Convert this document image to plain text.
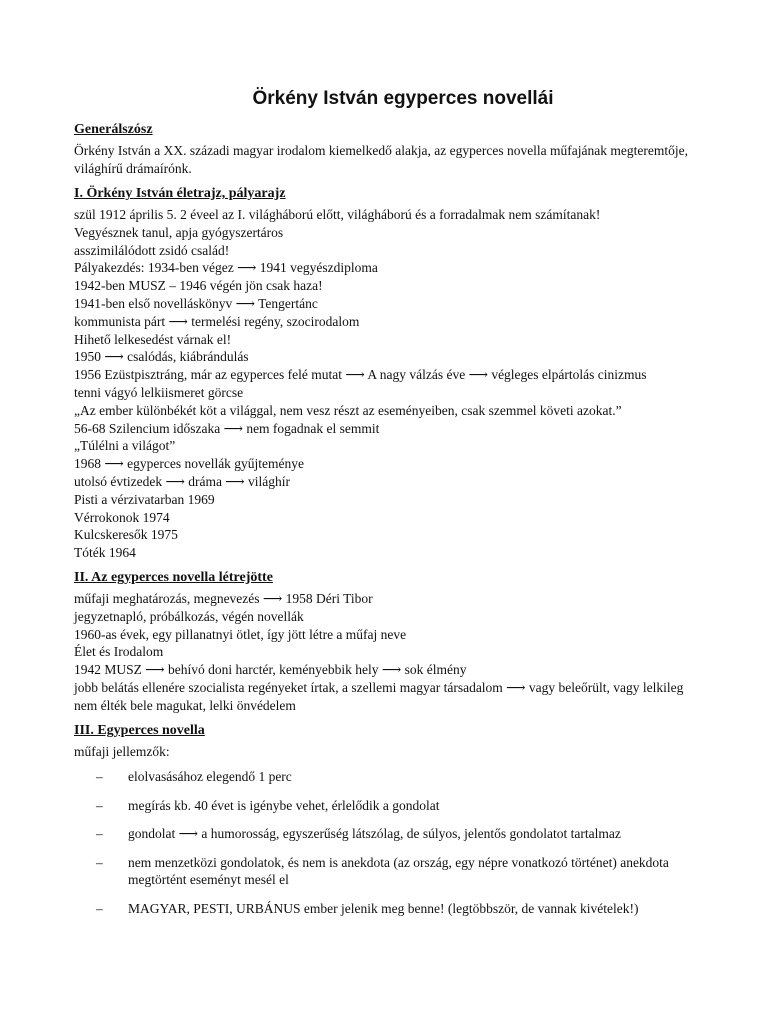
Örkény István egyperces novellái
Generálszósz

Örkény István a XX. századi magyar irodalom kiemelkedő alakja, az egyperces novella műfajának megteremtője, világhírű drámaírónk.

I. Örkény István életrajz, pályarajz
szül 1912 április 5. 2 éveel az I. világháború előtt, világháború és a forradalmak nem számítanak!
Vegyésznek tanul, apja gyógyszertáros
asszimilálódott zsidó család!
Pályakezdés: 1934-ben végez ⟶ 1941 vegyészdiploma
1942-ben MUSZ – 1946 végén jön csak haza!
1941-ben első novelláskönyv ⟶ Tengertánc
kommunista párt ⟶ termelési regény, szocirodalom
Hihető lelkesedést várnak el!
1950 ⟶ csalódás, kiábrándulás
1956 Ezüstpisztráng, már az egyperces felé mutat ⟶ A nagy válzás éve ⟶ végleges elpártolás cinizmus
tenni vágyó lelkiismeret görcse
„Az ember különbékét köt a világgal, nem vesz részt az eseményeiben, csak szemmel követi azokat.”
56-68 Szilencium időszaka ⟶ nem fogadnak el semmit
„Túlélni a világot”
1968 ⟶ egyperces novellák gyűjteménye
utolsó évtizedek ⟶ dráma ⟶ világhír
Pisti a vérzivatarban 1969
Vérrokonok 1974
Kulcskeresők 1975
Tóték 1964
II. Az egyperces novella létrejötte
műfaji meghatározás, megnevezés ⟶ 1958 Déri Tibor
jegyzetnapló, próbálkozás, végén novellák
1960-as évek, egy pillanatnyi ötlet, így jött létre a műfaj neve
Élet és Irodalom
1942 MUSZ ⟶ behívó doni harctér, keményebbik hely ⟶ sok élmény
jobb belátás ellenére szocialista regényeket írtak, a szellemi magyar társadalom ⟶ vagy beleőrült, vagy lelkileg nem élték bele magukat, lelki önvédelem
III. Egyperces novella
műfaji jellemzők:
– elolvasásához elegendő 1 perc
– megírás kb. 40 évet is igénybe vehet, érlelődik a gondolat
– gondolat ⟶ a humorosság, egyszerűség látszólag, de súlyos, jelentős gondolatot tartalmaz
– nem menzetközi gondolatok, és nem is anekdota (az ország, egy népre vonatkozó történet) anekdota megtörtént eseményt mesél el
– MAGYAR, PESTI, URBÁNUS ember jelenik meg benne! (legtöbbször, de vannak kivételek!)
